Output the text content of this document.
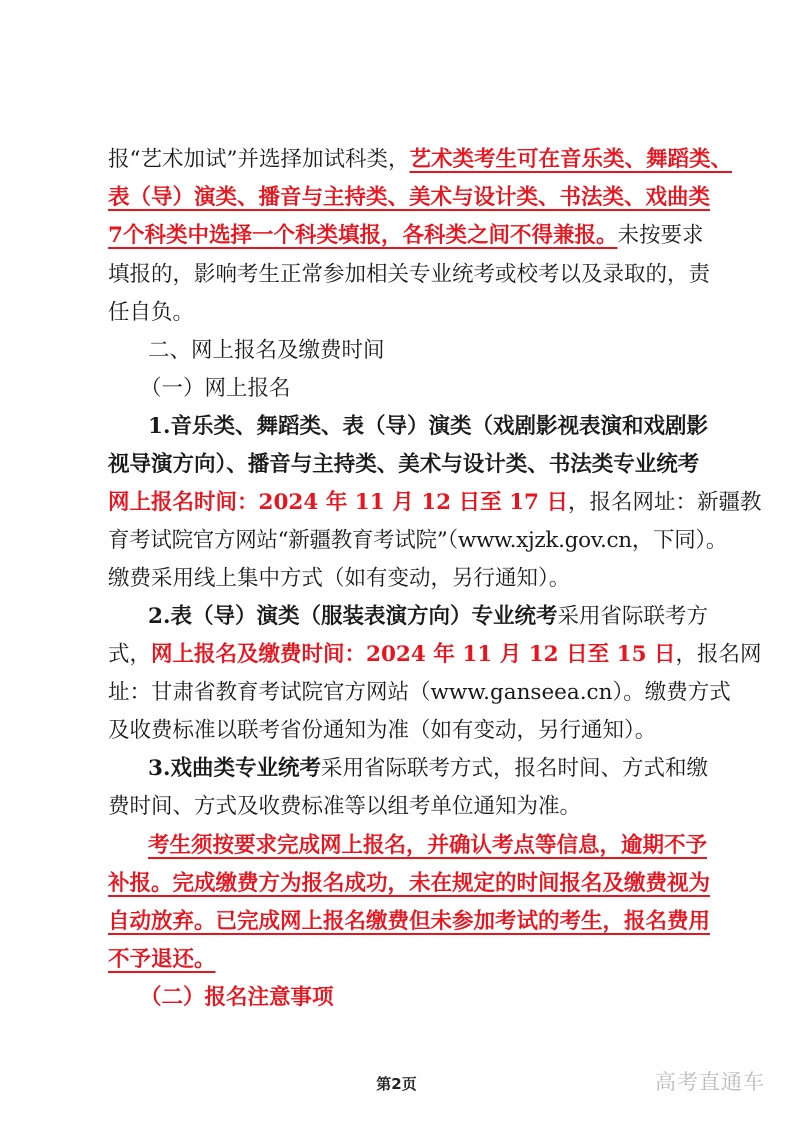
报“艺术加试”并选择加试科类，艺术类考生可在音乐类、舞蹈类、
表（导）演类、播音与主持类、美术与设计类、书法类、戏曲类
7个科类中选择一个科类填报，各科类之间不得兼报。未按要求
填报的，影响考生正常参加相关专业统考或校考以及录取的，责
任自负。
二、网上报名及缴费时间
（一）网上报名
1.音乐类、舞蹈类、表（导）演类（戏剧影视表演和戏剧影
视导演方向）、播音与主持类、美术与设计类、书法类专业统考
网上报名时间：2024 年 11 月 12 日至 17 日，报名网址：新疆教
育考试院官方网站“新疆教育考试院”（www.xjzk.gov.cn，下同）。
缴费采用线上集中方式（如有变动，另行通知）。
2.表（导）演类（服装表演方向）专业统考采用省际联考方
式，网上报名及缴费时间：2024 年 11 月 12 日至 15 日，报名网
址：甘肃省教育考试院官方网站（www.ganseea.cn）。缴费方式
及收费标准以联考省份通知为准（如有变动，另行通知）。
3.戏曲类专业统考采用省际联考方式，报名时间、方式和缴
费时间、方式及收费标准等以组考单位通知为准。
考生须按要求完成网上报名，并确认考点等信息，逾期不予
补报。完成缴费方为报名成功，未在规定的时间报名及缴费视为
自动放弃。已完成网上报名缴费但未参加考试的考生，报名费用
不予退还。
（二）报名注意事项
第2页	高考直通车
